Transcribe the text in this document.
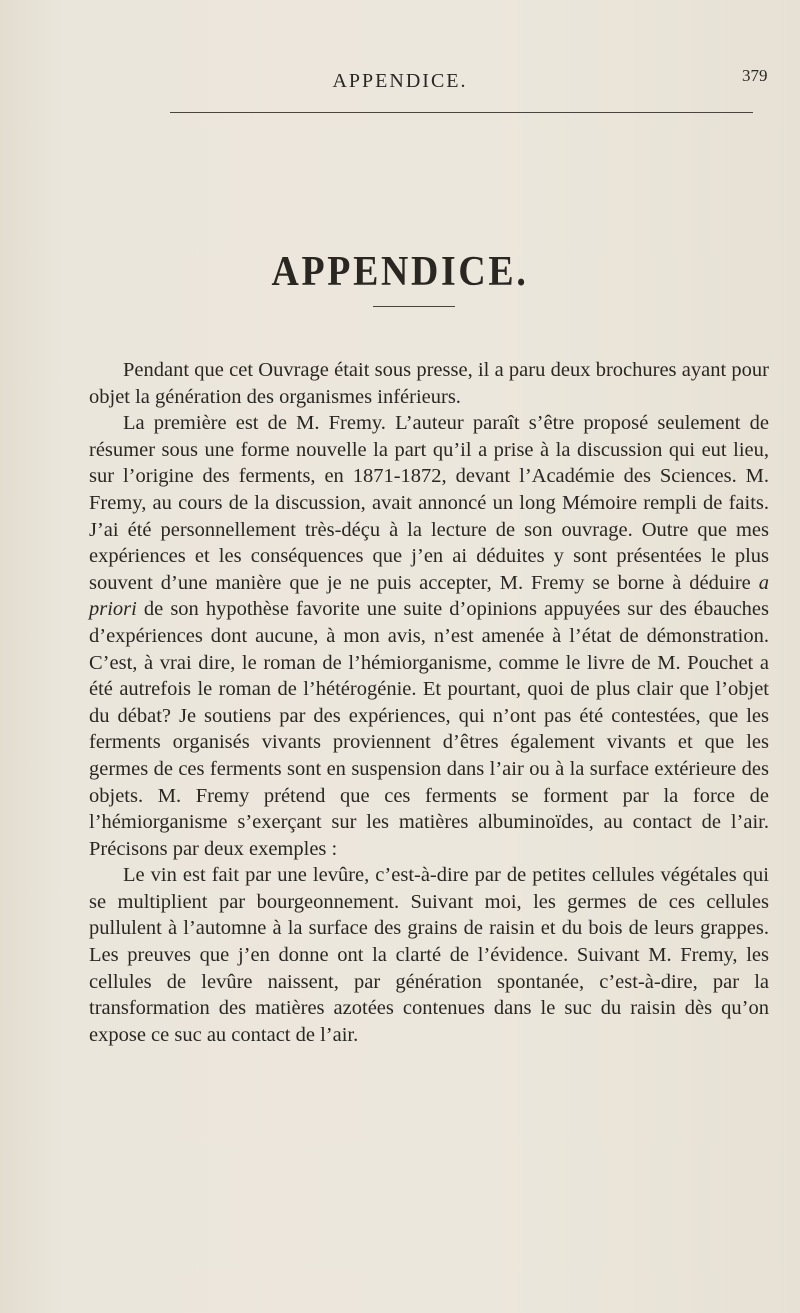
APPENDICE.	379
APPENDICE.

Pendant que cet Ouvrage était sous presse, il a paru deux brochures ayant pour objet la génération des organismes inférieurs.

La première est de M. Fremy. L’auteur paraît s’être proposé seulement de résumer sous une forme nouvelle la part qu’il a prise à la discussion qui eut lieu, sur l’origine des ferments, en 1871-1872, devant l’Académie des Sciences. M. Fremy, au cours de la discussion, avait annoncé un long Mémoire rempli de faits. J’ai été personnellement très-déçu à la lecture de son ouvrage. Outre que mes expériences et les conséquences que j’en ai déduites y sont présentées le plus souvent d’une manière que je ne puis accepter, M. Fremy se borne à déduire a priori de son hypothèse favorite une suite d’opinions appuyées sur des ébauches d’expériences dont aucune, à mon avis, n’est amenée à l’état de démonstration. C’est, à vrai dire, le roman de l’hémiorganisme, comme le livre de M. Pouchet a été autrefois le roman de l’hétérogénie. Et pourtant, quoi de plus clair que l’objet du débat? Je soutiens par des expériences, qui n’ont pas été contestées, que les ferments organisés vivants proviennent d’êtres également vivants et que les germes de ces ferments sont en suspension dans l’air ou à la surface extérieure des objets. M. Fremy prétend que ces ferments se forment par la force de l’hémiorganisme s’exerçant sur les matières albuminoïdes, au contact de l’air. Précisons par deux exemples :

Le vin est fait par une levûre, c’est-à-dire par de petites cellules végétales qui se multiplient par bourgeonnement. Suivant moi, les germes de ces cellules pullulent à l’automne à la surface des grains de raisin et du bois de leurs grappes. Les preuves que j’en donne ont la clarté de l’évidence. Suivant M. Fremy, les cellules de levûre naissent, par génération spontanée, c’est-à-dire, par la transformation des matières azotées contenues dans le suc du raisin dès qu’on expose ce suc au contact de l’air.
